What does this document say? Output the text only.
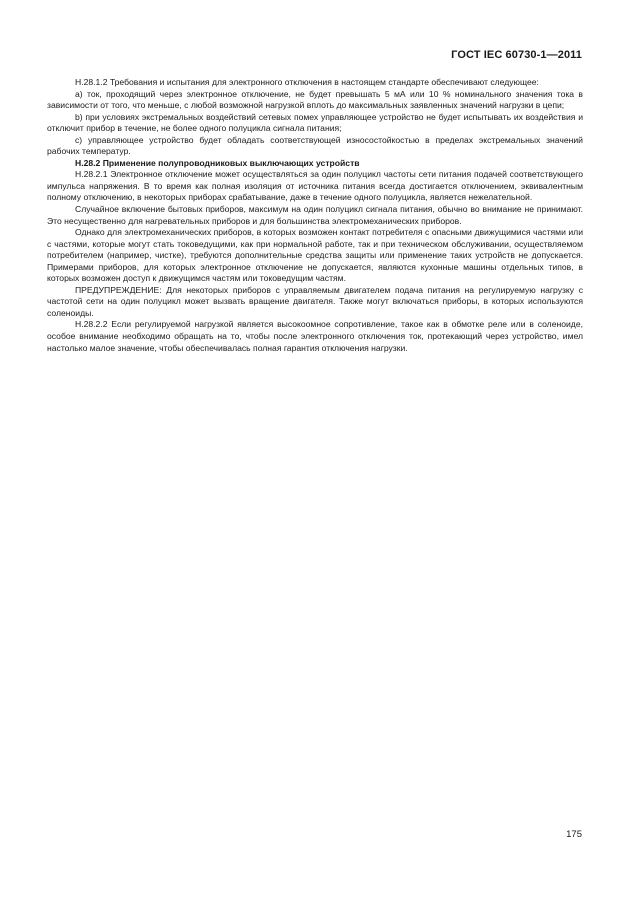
ГОСТ IEC 60730-1—2011

H.28.1.2 Требования и испытания для электронного отключения в настоящем стандарте обеспечивают следующее:

a) ток, проходящий через электронное отключение, не будет превышать 5 мА или 10 % номинального значения тока в зависимости от того, что меньше, с любой возможной нагрузкой вплоть до максимальных заявленных значений нагрузки в цепи;

b) при условиях экстремальных воздействий сетевых помех управляющее устройство не будет испытывать их воздействия и отключит прибор в течение, не более одного полуцикла сигнала питания;

c) управляющее устройство будет обладать соответствующей износостойкостью в пределах экстремальных значений рабочих температур.

H.28.2 Применение полупроводниковых выключающих устройств

H.28.2.1 Электронное отключение может осуществляться за один полуцикл частоты сети питания подачей соответствующего импульса напряжения. В то время как полная изоляция от источника питания всегда достигается отключением, эквивалентным полному отключению, в некоторых приборах срабатывание, даже в течение одного полуцикла, является нежелательной.

Случайное включение бытовых приборов, максимум на один полуцикл сигнала питания, обычно во внимание не принимают. Это несущественно для нагревательных приборов и для большинства электромеханических приборов.

Однако для электромеханических приборов, в которых возможен контакт потребителя с опасными движущимися частями или с частями, которые могут стать токоведущими, как при нормальной работе, так и при техническом обслуживании, осуществляемом потребителем (например, чистке), требуются дополнительные средства защиты или применение таких устройств не допускается. Примерами приборов, для которых электронное отключение не допускается, являются кухонные машины отдельных типов, в которых возможен доступ к движущимся частям или токоведущим частям.

ПРЕДУПРЕЖДЕНИЕ: Для некоторых приборов с управляемым двигателем подача питания на регулируемую нагрузку с частотой сети на один полуцикл может вызвать вращение двигателя. Также могут включаться приборы, в которых используются соленоиды.

H.28.2.2 Если регулируемой нагрузкой является высокоомное сопротивление, такое как в обмотке реле или в соленоиде, особое внимание необходимо обращать на то, чтобы после электронного отключения ток, протекающий через устройство, имел настолько малое значение, чтобы обеспечивалась полная гарантия отключения нагрузки.

175
